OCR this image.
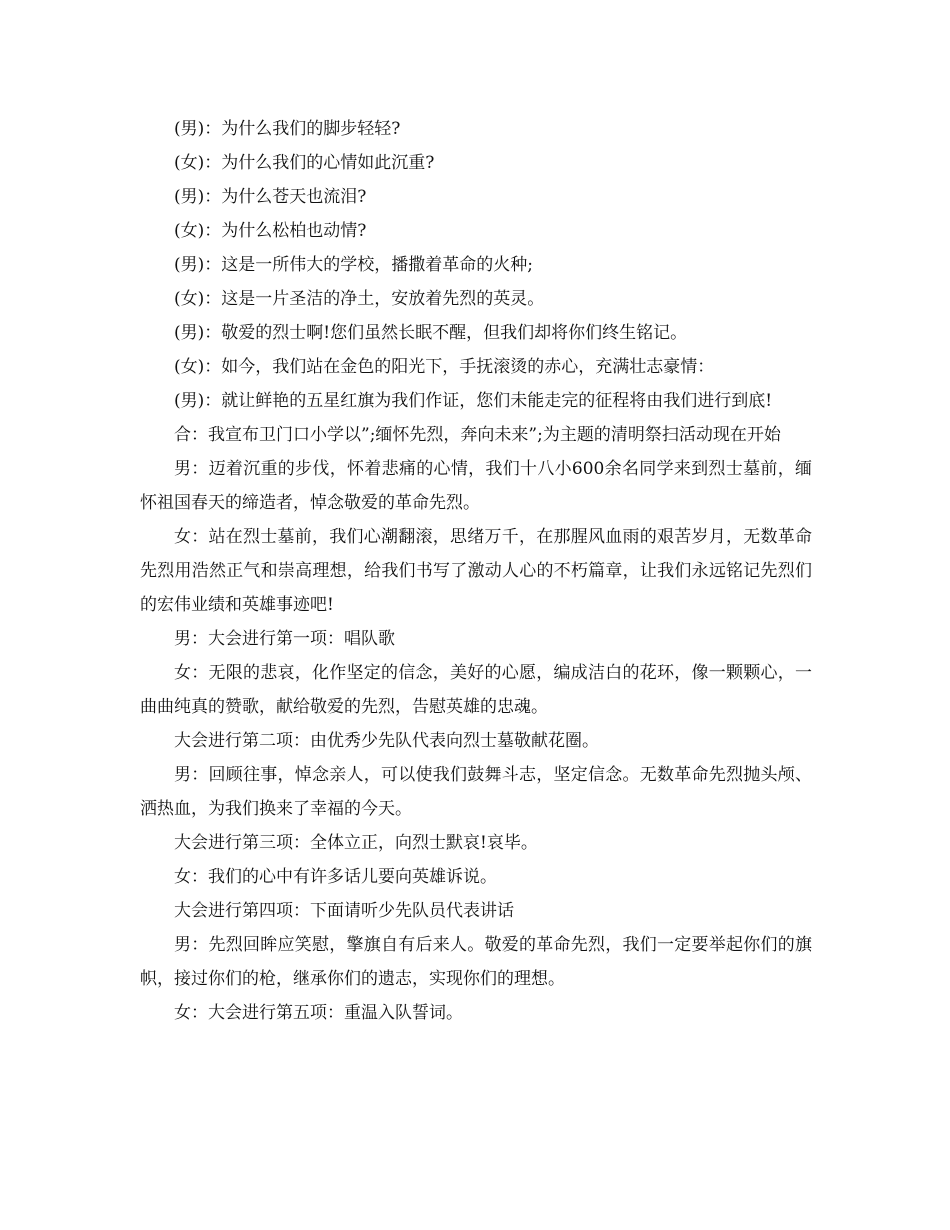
(男)：为什么我们的脚步轻轻?

(女)：为什么我们的心情如此沉重?

(男)：为什么苍天也流泪?

(女)：为什么松柏也动情?

(男)：这是一所伟大的学校，播撒着革命的火种;

(女)：这是一片圣洁的净土，安放着先烈的英灵。

(男)：敬爱的烈士啊!您们虽然长眠不醒，但我们却将你们终生铭记。

(女)：如今，我们站在金色的阳光下，手抚滚烫的赤心，充满壮志豪情：

(男)：就让鲜艳的五星红旗为我们作证，您们未能走完的征程将由我们进行到底!

合：我宣布卫门口小学以”;缅怀先烈，奔向未来”;为主题的清明祭扫活动现在开始

男：迈着沉重的步伐，怀着悲痛的心情，我们十八小600余名同学来到烈士墓前，缅怀祖国春天的缔造者，悼念敬爱的革命先烈。

女：站在烈士墓前，我们心潮翻滚，思绪万千，在那腥风血雨的艰苦岁月，无数革命先烈用浩然正气和崇高理想，给我们书写了激动人心的不朽篇章，让我们永远铭记先烈们的宏伟业绩和英雄事迹吧!

男：大会进行第一项：唱队歌

女：无限的悲哀，化作坚定的信念，美好的心愿，编成洁白的花环，像一颗颗心，一曲曲纯真的赞歌，献给敬爱的先烈，告慰英雄的忠魂。

大会进行第二项：由优秀少先队代表向烈士墓敬献花圈。

男：回顾往事，悼念亲人，可以使我们鼓舞斗志，坚定信念。无数革命先烈抛头颅、洒热血，为我们换来了幸福的今天。

大会进行第三项：全体立正，向烈士默哀!哀毕。

女：我们的心中有许多话儿要向英雄诉说。

大会进行第四项：下面请听少先队员代表讲话

男：先烈回眸应笑慰，擎旗自有后来人。敬爱的革命先烈，我们一定要举起你们的旗帜，接过你们的枪，继承你们的遗志，实现你们的理想。

女：大会进行第五项：重温入队誓词。
